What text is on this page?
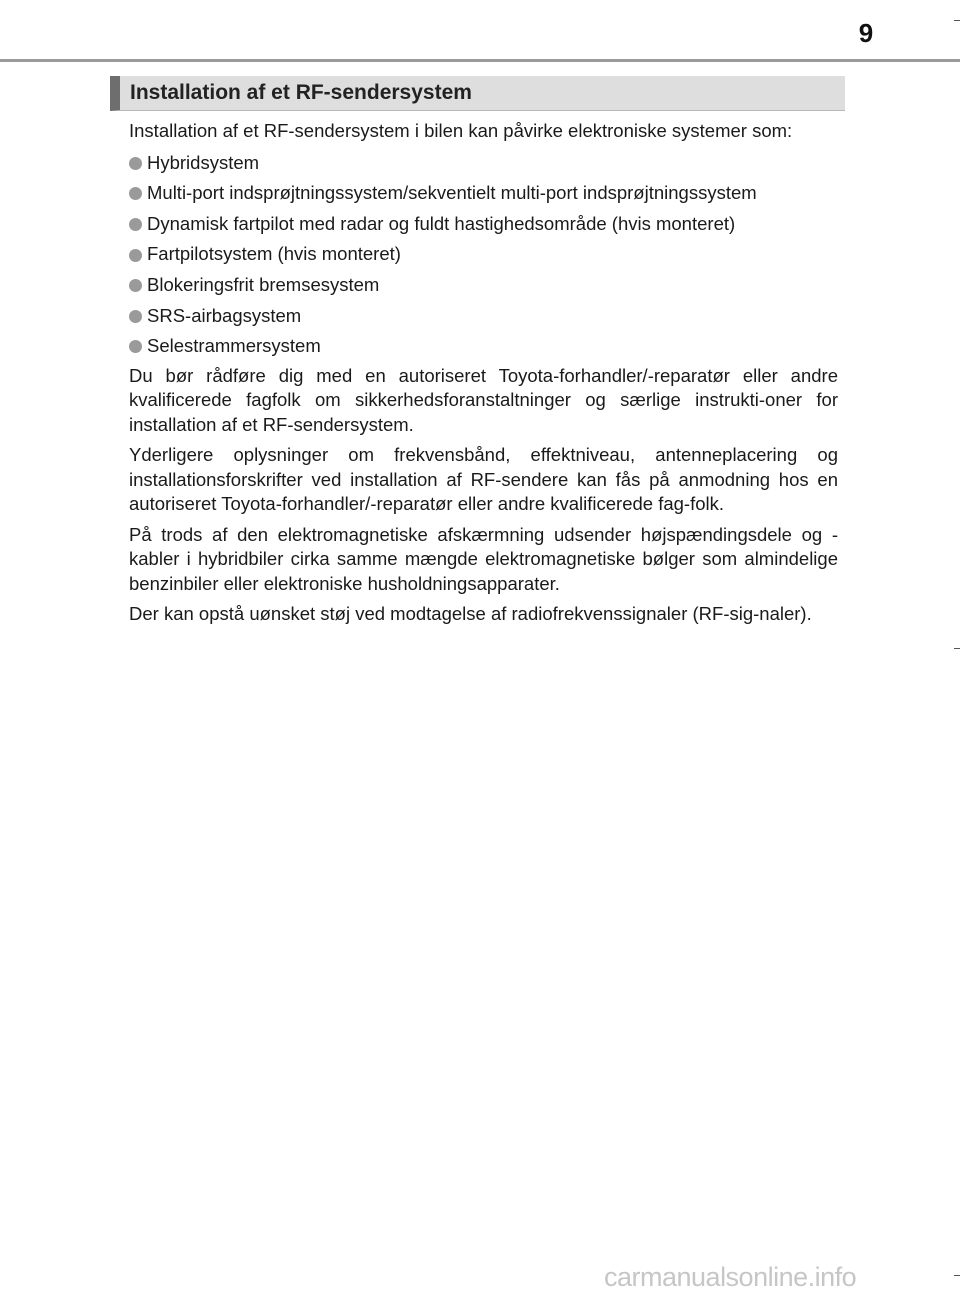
9
Installation af et RF-sendersystem

Installation af et RF-sendersystem i bilen kan påvirke elektroniske systemer som:

Hybridsystem
Multi-port indsprøjtningssystem/sekventielt multi-port indsprøjtningssystem
Dynamisk fartpilot med radar og fuldt hastighedsområde (hvis monteret)
Fartpilotsystem (hvis monteret)
Blokeringsfrit bremsesystem
SRS-airbagsystem
Selestrammersystem

Du bør rådføre dig med en autoriseret Toyota-forhandler/-reparatør eller andre kvalificerede fagfolk om sikkerhedsforanstaltninger og særlige instrukti-oner for installation af et RF-sendersystem.

Yderligere oplysninger om frekvensbånd, effektniveau, antenneplacering og installationsforskrifter ved installation af RF-sendere kan fås på anmodning hos en autoriseret Toyota-forhandler/-reparatør eller andre kvalificerede fag-folk.

På trods af den elektromagnetiske afskærmning udsender højspændingsdele og -kabler i hybridbiler cirka samme mængde elektromagnetiske bølger som almindelige benzinbiler eller elektroniske husholdningsapparater.

Der kan opstå uønsket støj ved modtagelse af radiofrekvenssignaler (RF-sig-naler).

carmanualsonline.info
